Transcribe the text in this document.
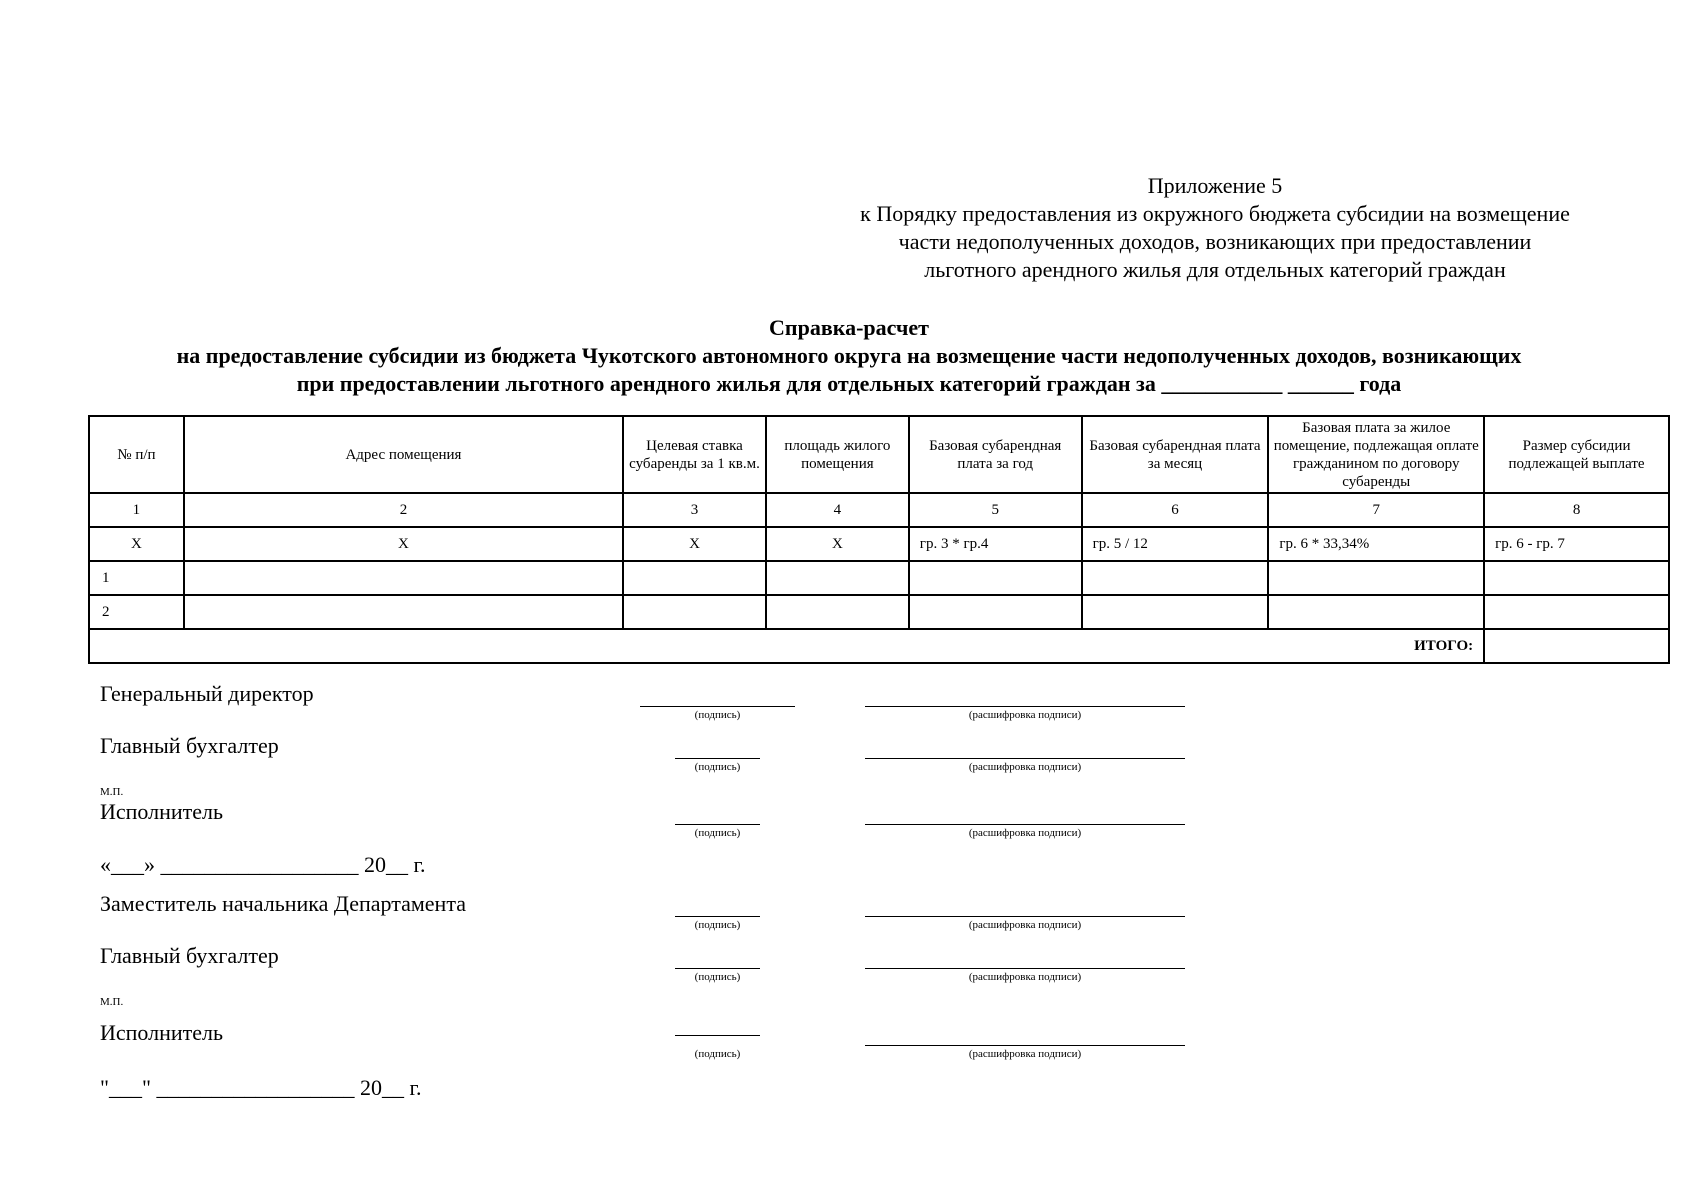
Приложение 5
к Порядку предоставления из окружного бюджета субсидии на возмещение
части недополученных доходов, возникающих при предоставлении
льготного арендного жилья для отдельных категорий граждан
Справка-расчет
на предоставление субсидии из бюджета Чукотского автономного округа на возмещение части недополученных доходов, возникающих
при предоставлении льготного арендного жилья для отдельных категорий граждан за ___________ ______ года
№ п/п	Адрес помещения	Целевая ставка субаренды за 1 кв.м.	площадь жилого помещения	Базовая субарендная плата за год	Базовая субарендная плата за месяц	Базовая плата за жилое помещение, подлежащая оплате гражданином по договору субаренды	Размер субсидии подлежащей выплате
1	2	3	4	5	6	7	8
Х	Х	Х	Х	гр. 3 * гр.4	гр. 5 / 12	гр. 6 * 33,34%	гр. 6 - гр. 7
1							
2							
ИТОГО:							
Генеральный директор
(подпись)	(расшифровка подписи)
Главный бухгалтер
(подпись)	(расшифровка подписи)
М.П.
Исполнитель
(подпись)	(расшифровка подписи)
«___» __________________ 20__ г.
Заместитель начальника Департамента
(подпись)	(расшифровка подписи)
Главный бухгалтер
(подпись)	(расшифровка подписи)
М.П.
Исполнитель
(подпись)	(расшифровка подписи)
"___" __________________ 20__ г.
